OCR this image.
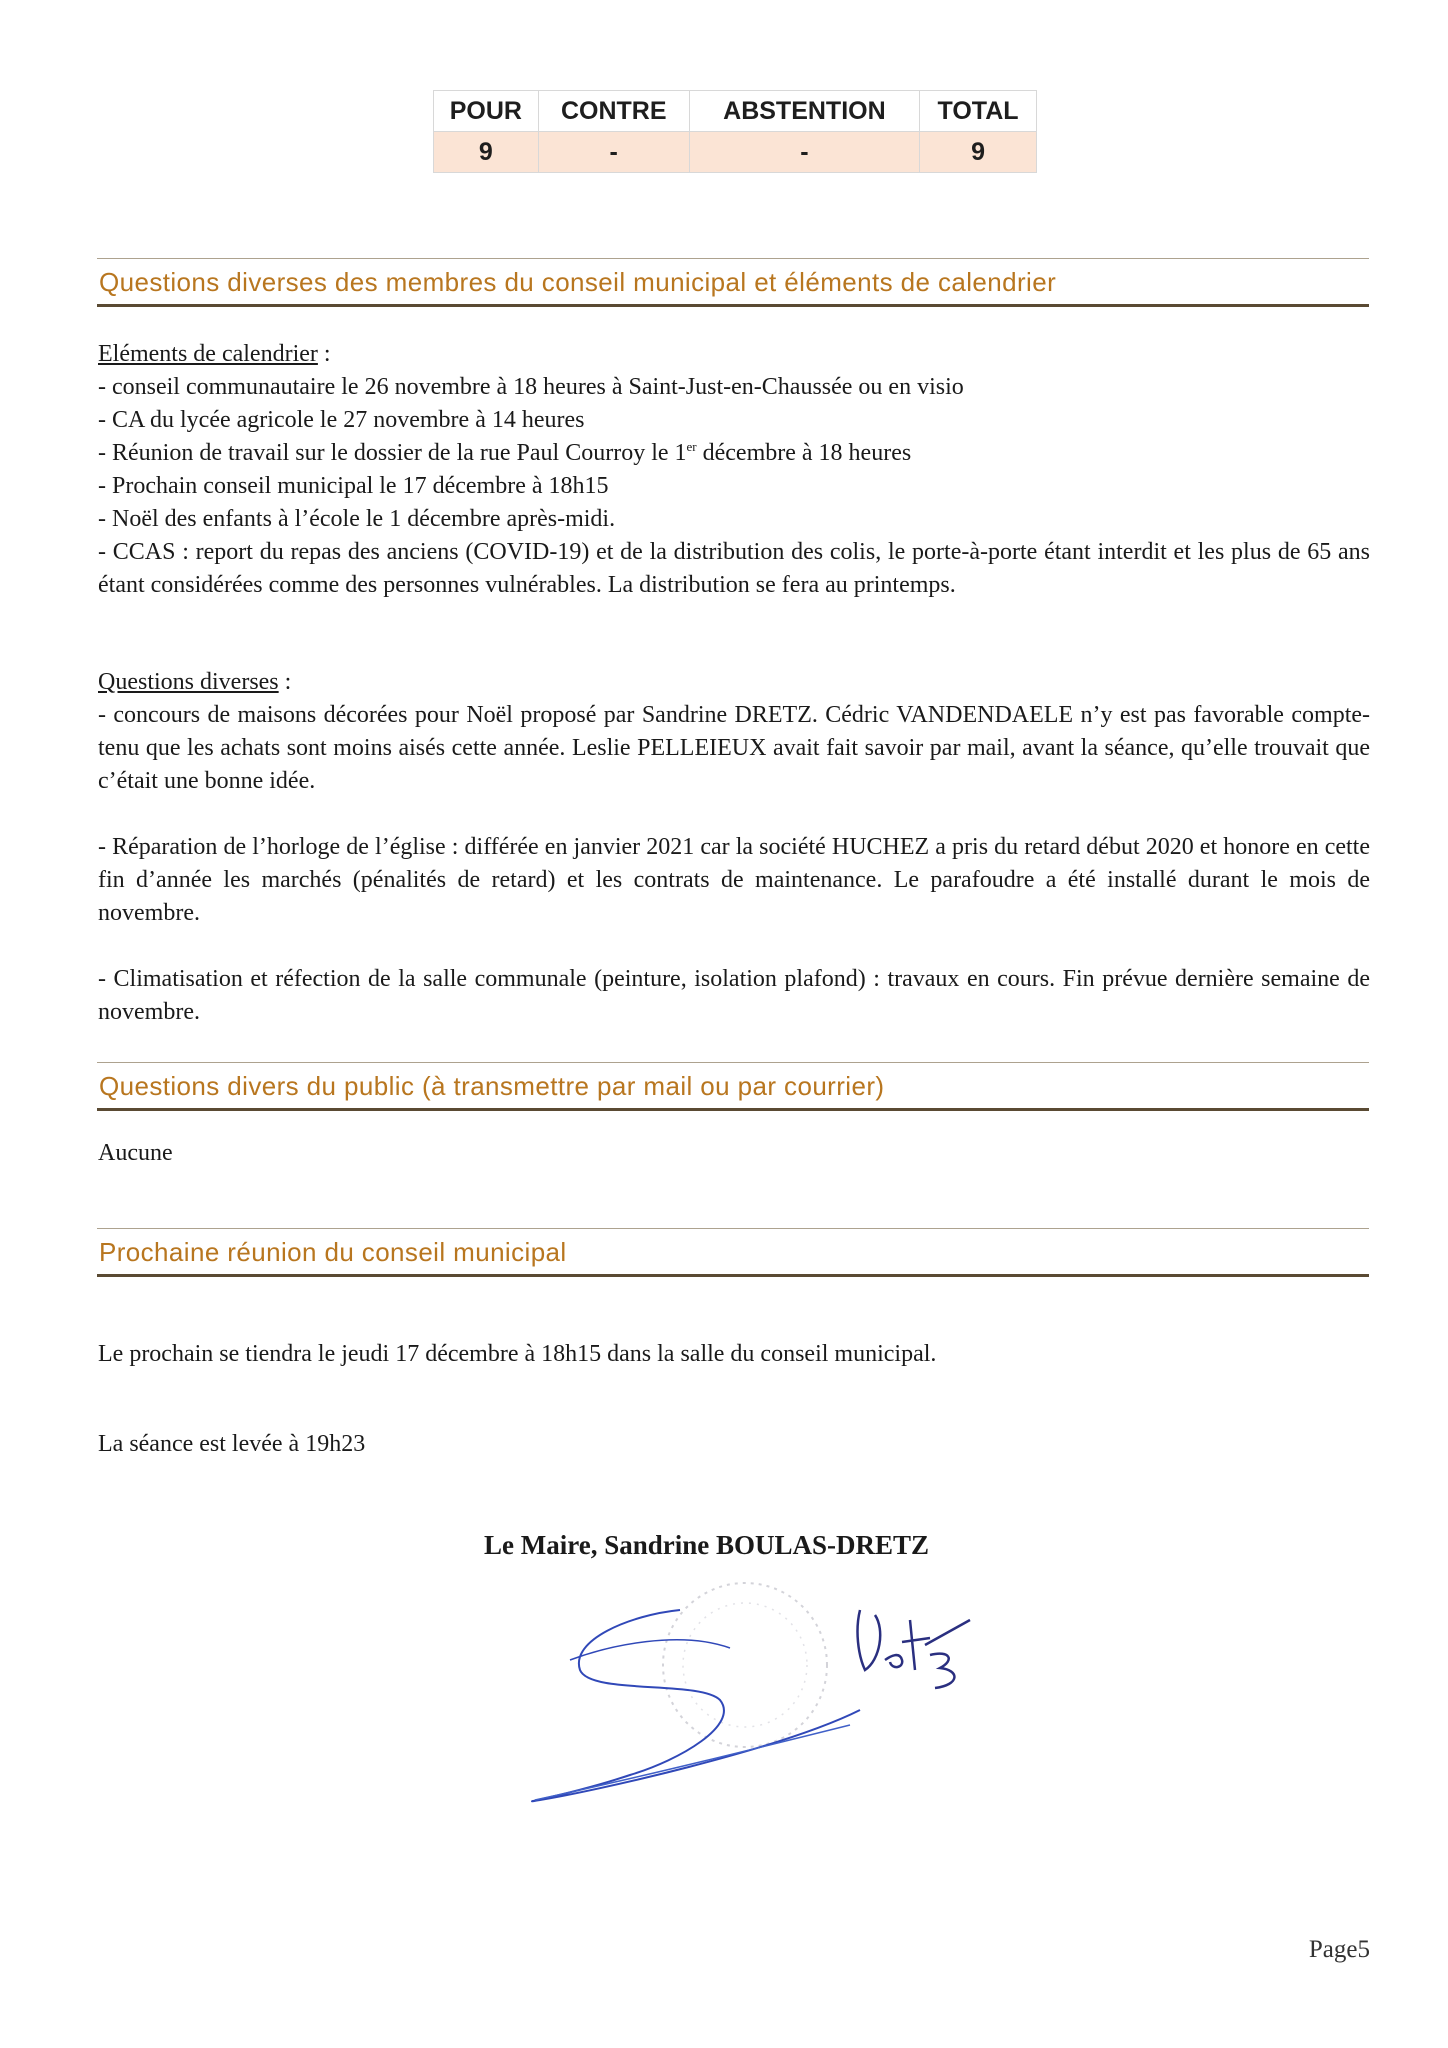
POUR	CONTRE	ABSTENTION	TOTAL
9	-	-	9
Questions diverses des membres du conseil municipal et éléments de calendrier

Eléments de calendrier :

- conseil communautaire le 26 novembre à 18 heures à Saint-Just-en-Chaussée ou en visio

- CA du lycée agricole le 27 novembre à 14 heures

- Réunion de travail sur le dossier de la rue Paul Courroy le 1er décembre à 18 heures

- Prochain conseil municipal le 17 décembre à 18h15

- Noël des enfants à l’école le 1 décembre après-midi.

- CCAS : report du repas des anciens (COVID-19) et de la distribution des colis, le porte-à-porte étant interdit et les plus de 65 ans étant considérées comme des personnes vulnérables. La distribution se fera au printemps.

Questions diverses :

- concours de maisons décorées pour Noël proposé par Sandrine DRETZ. Cédric VANDENDAELE n’y est pas favorable compte-tenu que les achats sont moins aisés cette année. Leslie PELLEIEUX avait fait savoir par mail, avant la séance, qu’elle trouvait que c’était une bonne idée.

- Réparation de l’horloge de l’église : différée en janvier 2021 car la société HUCHEZ a pris du retard début 2020 et honore en cette fin d’année les marchés (pénalités de retard) et les contrats de maintenance. Le parafoudre a été installé durant le mois de novembre.

- Climatisation et réfection de la salle communale (peinture, isolation plafond) : travaux en cours. Fin prévue dernière semaine de novembre.

Questions divers du public (à transmettre par mail ou par courrier)

Aucune

Prochaine réunion du conseil municipal

Le prochain se tiendra le jeudi 17 décembre à 18h15 dans la salle du conseil municipal.

La séance est levée à 19h23

Le Maire, Sandrine BOULAS-DRETZ
Page5
